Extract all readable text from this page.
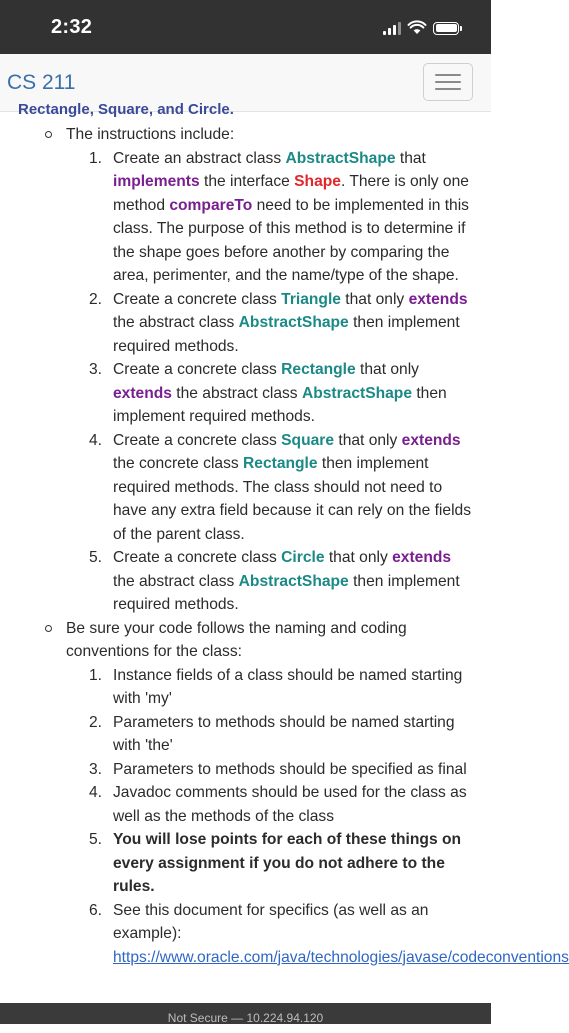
2:32
CS 211
Rectangle, Square, and Circle.
The instructions include:
1. Create an abstract class AbstractShape that implements the interface Shape. There is only one method compareTo need to be implemented in this class. The purpose of this method is to determine if the shape goes before another by comparing the area, perimenter, and the name/type of the shape.
2. Create a concrete class Triangle that only extends the abstract class AbstractShape then implement required methods.
3. Create a concrete class Rectangle that only extends the abstract class AbstractShape then implement required methods.
4. Create a concrete class Square that only extends the concrete class Rectangle then implement required methods. The class should not need to have any extra field because it can rely on the fields of the parent class.
5. Create a concrete class Circle that only extends the abstract class AbstractShape then implement required methods.
Be sure your code follows the naming and coding conventions for the class:
1. Instance fields of a class should be named starting with 'my'
2. Parameters to methods should be named starting with 'the'
3. Parameters to methods should be specified as final
4. Javadoc comments should be used for the class as well as the methods of the class
5. You will lose points for each of these things on every assignment if you do not adhere to the rules.
6. See this document for specifics (as well as an example):
https://www.oracle.com/java/technologies/javase/codeconventions
Not Secure — 10.224.94.120
